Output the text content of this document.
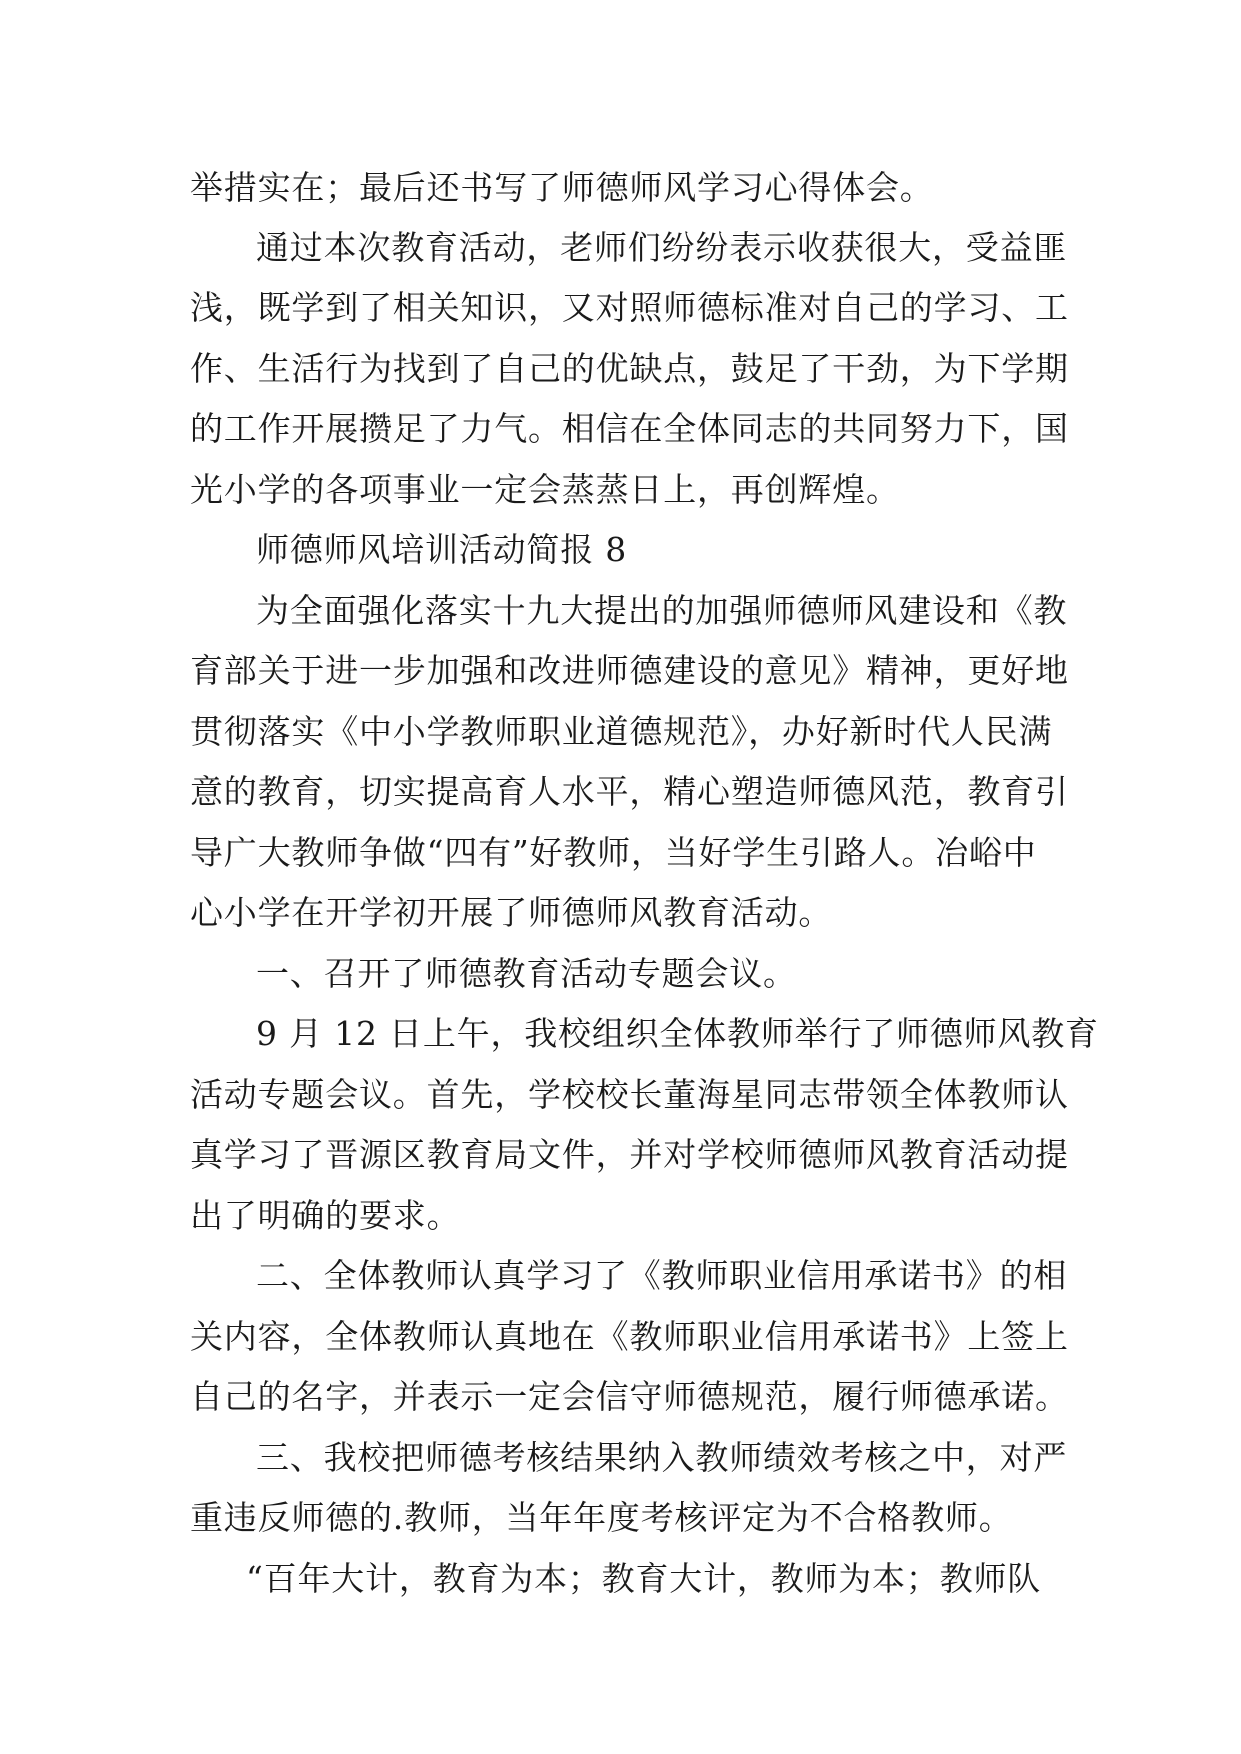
举措实在；最后还书写了师德师风学习心得体会。
通过本次教育活动，老师们纷纷表示收获很大，受益匪
浅，既学到了相关知识，又对照师德标准对自己的学习、工
作、生活行为找到了自己的优缺点，鼓足了干劲，为下学期
的工作开展攒足了力气。相信在全体同志的共同努力下，国
光小学的各项事业一定会蒸蒸日上，再创辉煌。
师德师风培训活动简报 8
为全面强化落实十九大提出的加强师德师风建设和《教
育部关于进一步加强和改进师德建设的意见》精神，更好地
贯彻落实《中小学教师职业道德规范》，办好新时代人民满
意的教育，切实提高育人水平，精心塑造师德风范，教育引
导广大教师争做“四有”好教师，当好学生引路人。冶峪中
心小学在开学初开展了师德师风教育活动。
一、召开了师德教育活动专题会议。
9 月 12 日上午，我校组织全体教师举行了师德师风教育
活动专题会议。首先，学校校长董海星同志带领全体教师认
真学习了晋源区教育局文件，并对学校师德师风教育活动提
出了明确的要求。
二、全体教师认真学习了《教师职业信用承诺书》的相
关内容，全体教师认真地在《教师职业信用承诺书》上签上
自己的名字，并表示一定会信守师德规范，履行师德承诺。
三、我校把师德考核结果纳入教师绩效考核之中，对严
重违反师德的.教师，当年年度考核评定为不合格教师。
“百年大计，教育为本；教育大计，教师为本；教师队
